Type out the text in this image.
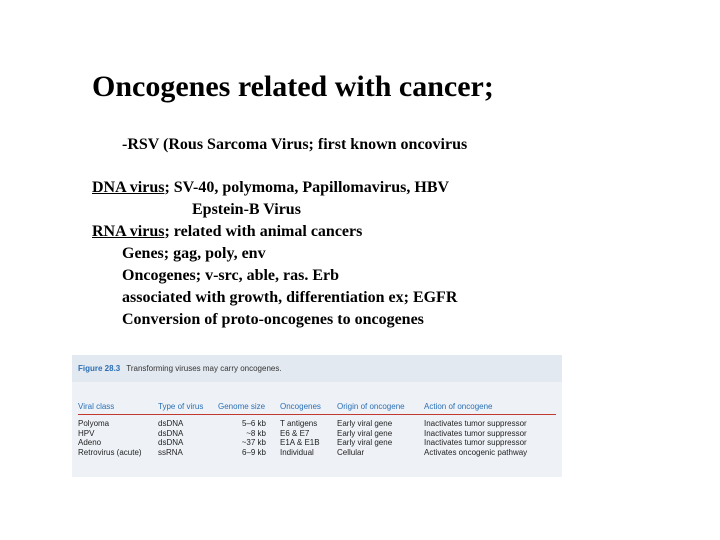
Oncogenes related with cancer;
-RSV (Rous Sarcoma Virus; first known oncovirus
DNA virus; SV-40, polymoma, Papillomavirus, HBV
Epstein-B Virus
RNA virus; related with animal cancers
Genes; gag, poly, env
Oncogenes; v-src, able, ras. Erb
associated with growth, differentiation ex; EGFR
Conversion of proto-oncogenes to oncogenes
Figure 28.3 Transforming viruses may carry oncogenes.
Viral class	Type of virus	Genome size	Oncogenes	Origin of oncogene	Action of oncogene
Polyoma	dsDNA	5–6 kb	T antigens	Early viral gene	Inactivates tumor suppressor
HPV	dsDNA	~8 kb	E6 & E7	Early viral gene	Inactivates tumor suppressor
Adeno	dsDNA	~37 kb	E1A & E1B	Early viral gene	Inactivates tumor suppressor
Retrovirus (acute)	ssRNA	6–9 kb	Individual	Cellular	Activates oncogenic pathway
